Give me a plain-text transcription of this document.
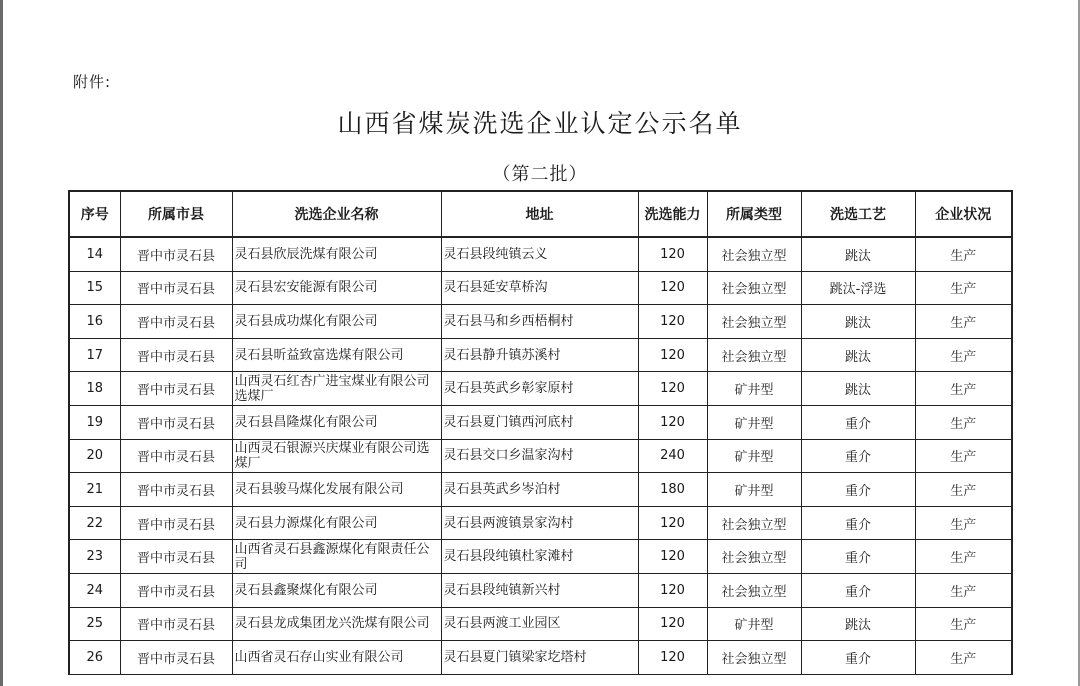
附件:
山西省煤炭洗选企业认定公示名单
（第二批）
序号	所属市县	洗选企业名称	地址	洗选能力	所属类型	洗选工艺	企业状况
14	晋中市灵石县	灵石县欣辰洗煤有限公司	灵石县段纯镇云义	120	社会独立型	跳汰	生产
15	晋中市灵石县	灵石县宏安能源有限公司	灵石县延安草桥沟	120	社会独立型	跳汰-浮选	生产
16	晋中市灵石县	灵石县成功煤化有限公司	灵石县马和乡西梧桐村	120	社会独立型	跳汰	生产
17	晋中市灵石县	灵石县昕益致富选煤有限公司	灵石县静升镇苏溪村	120	社会独立型	跳汰	生产
18	晋中市灵石县	山西灵石红杏广进宝煤业有限公司选煤厂	灵石县英武乡彰家原村	120	矿井型	跳汰	生产
19	晋中市灵石县	灵石县昌隆煤化有限公司	灵石县夏门镇西河底村	120	矿井型	重介	生产
20	晋中市灵石县	山西灵石银源兴庆煤业有限公司选煤厂	灵石县交口乡温家沟村	240	矿井型	重介	生产
21	晋中市灵石县	灵石县骏马煤化发展有限公司	灵石县英武乡岑泊村	180	矿井型	重介	生产
22	晋中市灵石县	灵石县力源煤化有限公司	灵石县两渡镇景家沟村	120	社会独立型	重介	生产
23	晋中市灵石县	山西省灵石县鑫源煤化有限责任公司	灵石县段纯镇杜家滩村	120	社会独立型	重介	生产
24	晋中市灵石县	灵石县鑫聚煤化有限公司	灵石县段纯镇新兴村	120	社会独立型	重介	生产
25	晋中市灵石县	灵石县龙成集团龙兴洗煤有限公司	灵石县两渡工业园区	120	矿井型	跳汰	生产
26	晋中市灵石县	山西省灵石存山实业有限公司	灵石县夏门镇梁家圪塔村	120	社会独立型	重介	生产
